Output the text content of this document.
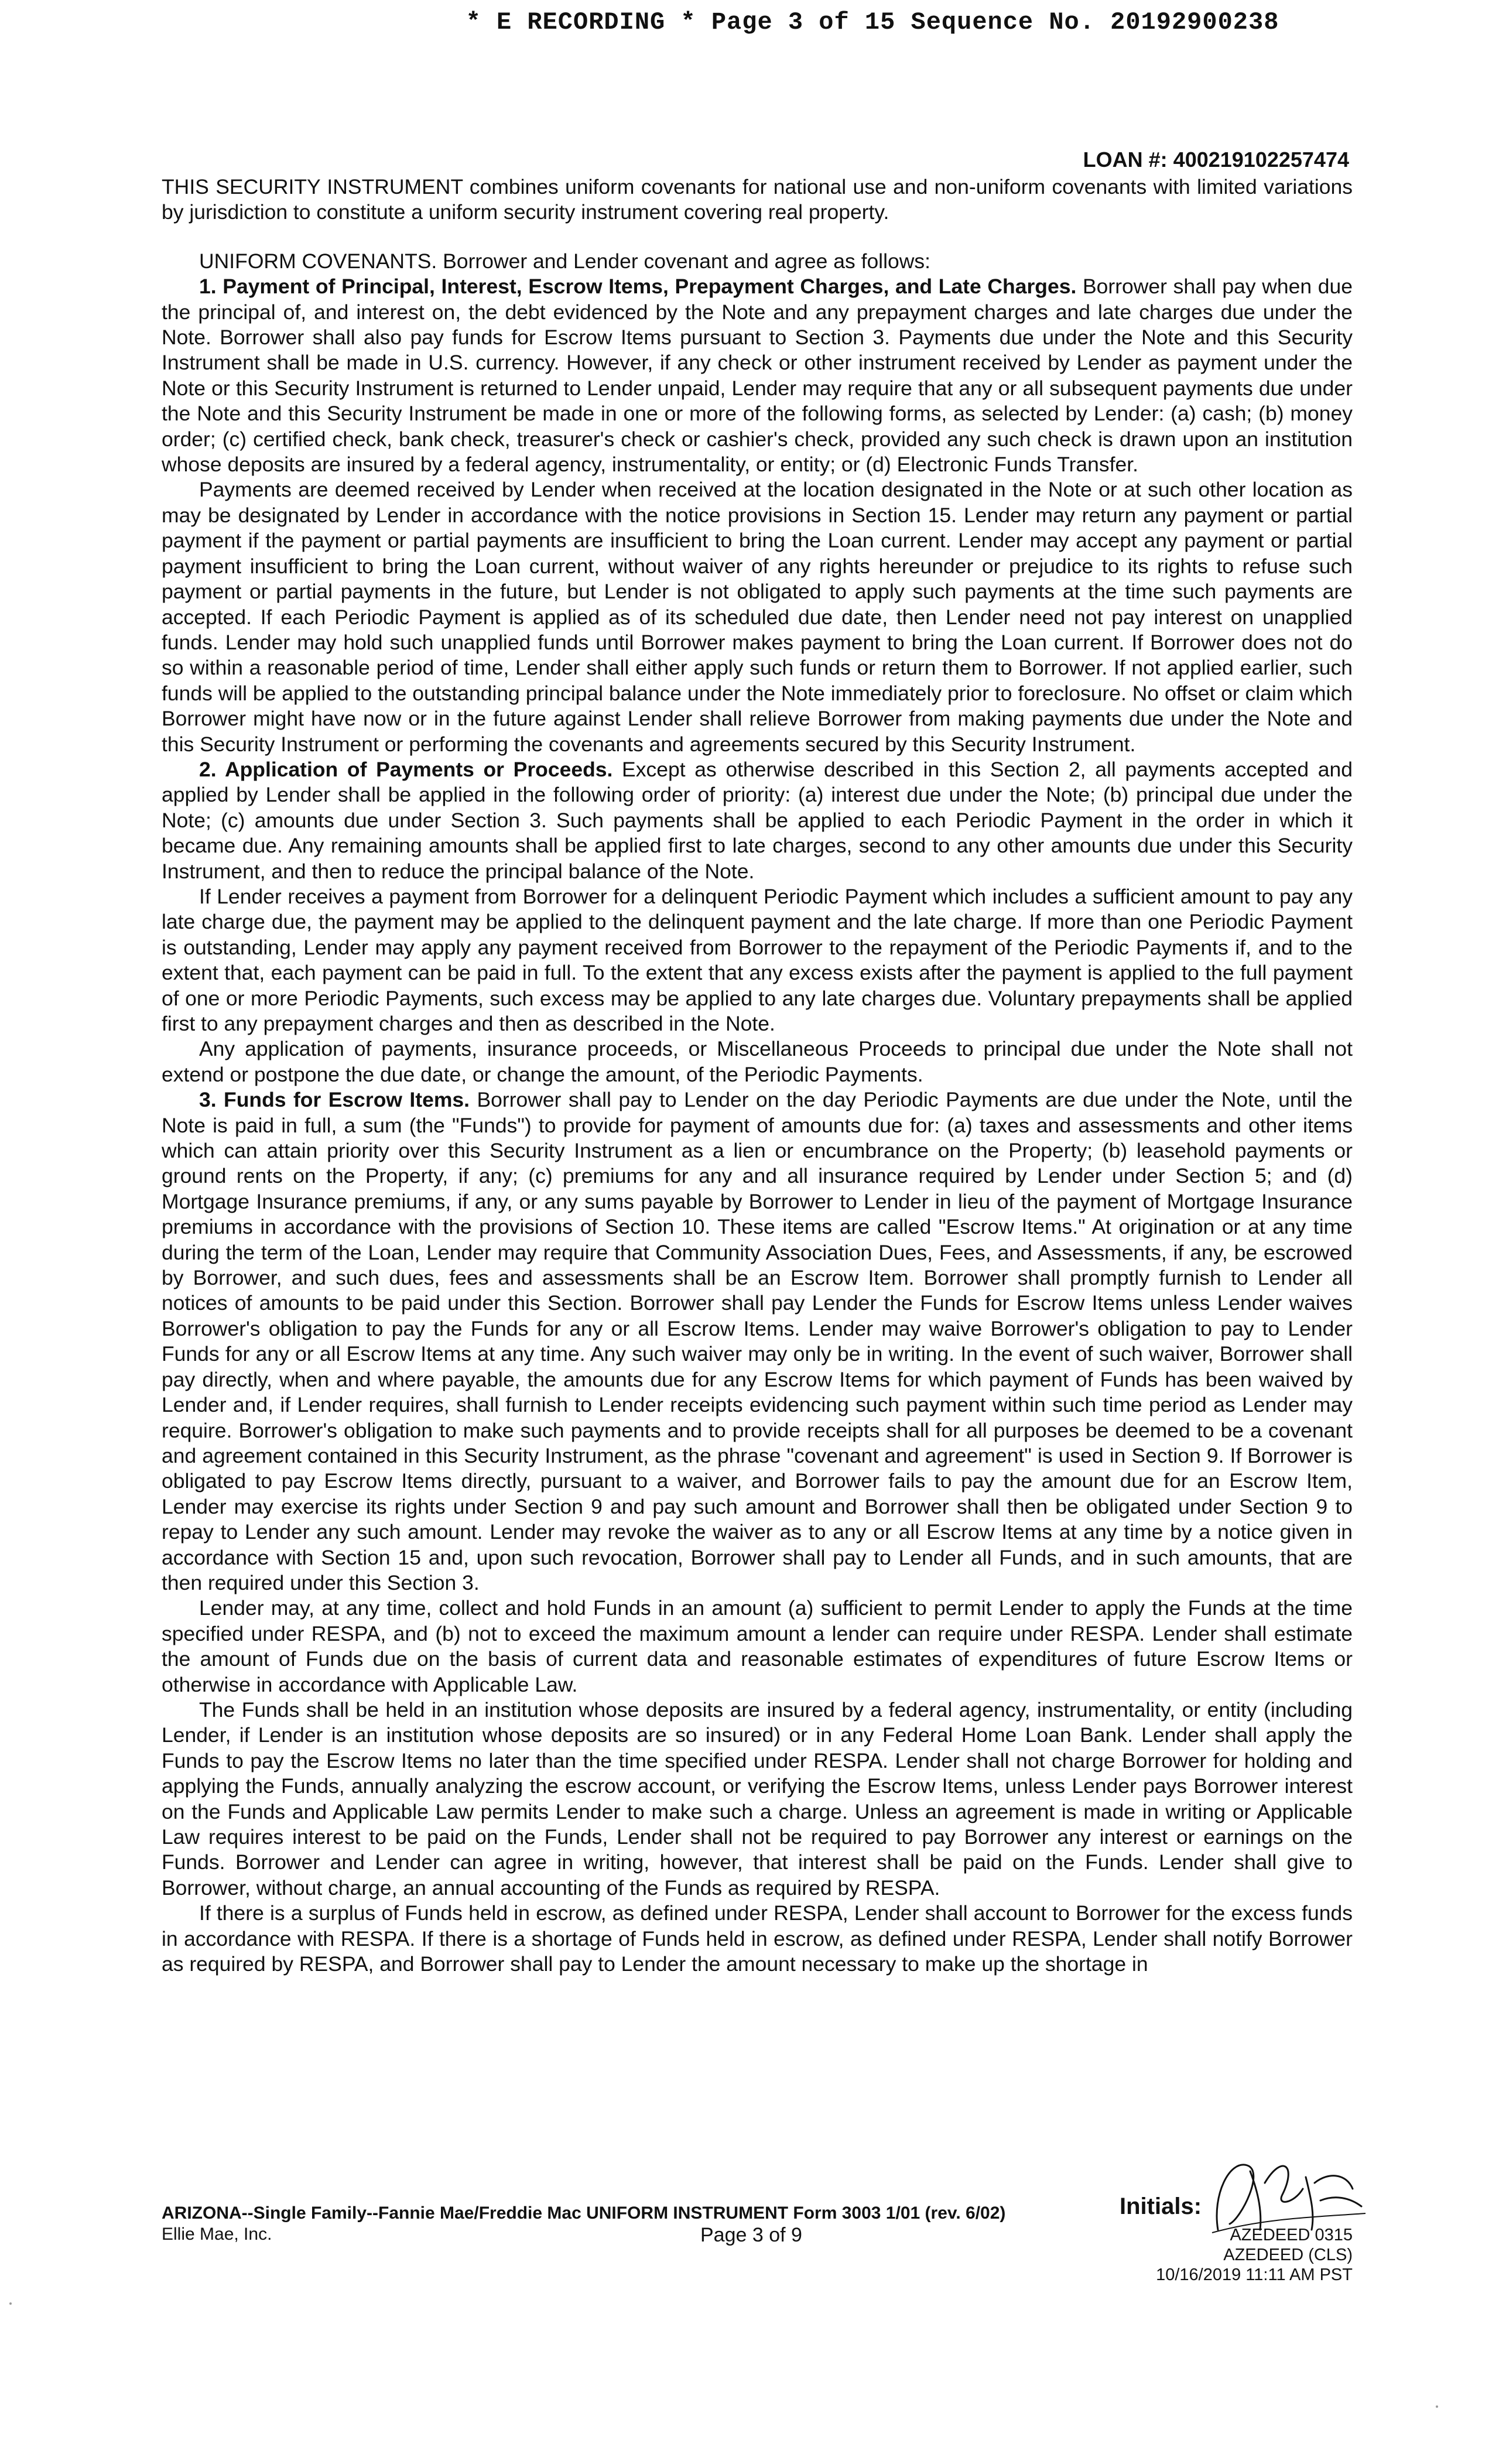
* E RECORDING * Page 3 of 15 Sequence No. 20192900238
LOAN #: 400219102257474

THIS SECURITY INSTRUMENT combines uniform covenants for national use and non-uniform covenants with limited variations by jurisdiction to constitute a uniform security instrument covering real property.

UNIFORM COVENANTS. Borrower and Lender covenant and agree as follows:

1. Payment of Principal, Interest, Escrow Items, Prepayment Charges, and Late Charges. Borrower shall pay when due the principal of, and interest on, the debt evidenced by the Note and any prepayment charges and late charges due under the Note. Borrower shall also pay funds for Escrow Items pursuant to Section 3. Payments due under the Note and this Security Instrument shall be made in U.S. currency. However, if any check or other instrument received by Lender as payment under the Note or this Security Instrument is returned to Lender unpaid, Lender may require that any or all subsequent payments due under the Note and this Security Instrument be made in one or more of the following forms, as selected by Lender: (a) cash; (b) money order; (c) certified check, bank check, treasurer's check or cashier's check, provided any such check is drawn upon an institution whose deposits are insured by a federal agency, instrumentality, or entity; or (d) Electronic Funds Transfer.

Payments are deemed received by Lender when received at the location designated in the Note or at such other location as may be designated by Lender in accordance with the notice provisions in Section 15. Lender may return any payment or partial payment if the payment or partial payments are insufficient to bring the Loan current. Lender may accept any payment or partial payment insufficient to bring the Loan current, without waiver of any rights hereunder or prejudice to its rights to refuse such payment or partial payments in the future, but Lender is not obligated to apply such payments at the time such payments are accepted. If each Periodic Payment is applied as of its scheduled due date, then Lender need not pay interest on unapplied funds. Lender may hold such unapplied funds until Borrower makes payment to bring the Loan current. If Borrower does not do so within a reasonable period of time, Lender shall either apply such funds or return them to Borrower. If not applied earlier, such funds will be applied to the outstanding principal balance under the Note immediately prior to foreclosure. No offset or claim which Borrower might have now or in the future against Lender shall relieve Borrower from making payments due under the Note and this Security Instrument or performing the covenants and agreements secured by this Security Instrument.

2. Application of Payments or Proceeds. Except as otherwise described in this Section 2, all payments accepted and applied by Lender shall be applied in the following order of priority: (a) interest due under the Note; (b) principal due under the Note; (c) amounts due under Section 3. Such payments shall be applied to each Periodic Payment in the order in which it became due. Any remaining amounts shall be applied first to late charges, second to any other amounts due under this Security Instrument, and then to reduce the principal balance of the Note.

If Lender receives a payment from Borrower for a delinquent Periodic Payment which includes a sufficient amount to pay any late charge due, the payment may be applied to the delinquent payment and the late charge. If more than one Periodic Payment is outstanding, Lender may apply any payment received from Borrower to the repayment of the Periodic Payments if, and to the extent that, each payment can be paid in full. To the extent that any excess exists after the payment is applied to the full payment of one or more Periodic Payments, such excess may be applied to any late charges due. Voluntary prepayments shall be applied first to any prepayment charges and then as described in the Note.

Any application of payments, insurance proceeds, or Miscellaneous Proceeds to principal due under the Note shall not extend or postpone the due date, or change the amount, of the Periodic Payments.

3. Funds for Escrow Items. Borrower shall pay to Lender on the day Periodic Payments are due under the Note, until the Note is paid in full, a sum (the "Funds") to provide for payment of amounts due for: (a) taxes and assessments and other items which can attain priority over this Security Instrument as a lien or encumbrance on the Property; (b) leasehold payments or ground rents on the Property, if any; (c) premiums for any and all insurance required by Lender under Section 5; and (d) Mortgage Insurance premiums, if any, or any sums payable by Borrower to Lender in lieu of the payment of Mortgage Insurance premiums in accordance with the provisions of Section 10. These items are called "Escrow Items." At origination or at any time during the term of the Loan, Lender may require that Community Association Dues, Fees, and Assessments, if any, be escrowed by Borrower, and such dues, fees and assessments shall be an Escrow Item. Borrower shall promptly furnish to Lender all notices of amounts to be paid under this Section. Borrower shall pay Lender the Funds for Escrow Items unless Lender waives Borrower's obligation to pay the Funds for any or all Escrow Items. Lender may waive Borrower's obligation to pay to Lender Funds for any or all Escrow Items at any time. Any such waiver may only be in writing. In the event of such waiver, Borrower shall pay directly, when and where payable, the amounts due for any Escrow Items for which payment of Funds has been waived by Lender and, if Lender requires, shall furnish to Lender receipts evidencing such payment within such time period as Lender may require. Borrower's obligation to make such payments and to provide receipts shall for all purposes be deemed to be a covenant and agreement contained in this Security Instrument, as the phrase "covenant and agreement" is used in Section 9. If Borrower is obligated to pay Escrow Items directly, pursuant to a waiver, and Borrower fails to pay the amount due for an Escrow Item, Lender may exercise its rights under Section 9 and pay such amount and Borrower shall then be obligated under Section 9 to repay to Lender any such amount. Lender may revoke the waiver as to any or all Escrow Items at any time by a notice given in accordance with Section 15 and, upon such revocation, Borrower shall pay to Lender all Funds, and in such amounts, that are then required under this Section 3.

Lender may, at any time, collect and hold Funds in an amount (a) sufficient to permit Lender to apply the Funds at the time specified under RESPA, and (b) not to exceed the maximum amount a lender can require under RESPA. Lender shall estimate the amount of Funds due on the basis of current data and reasonable estimates of expenditures of future Escrow Items or otherwise in accordance with Applicable Law.

The Funds shall be held in an institution whose deposits are insured by a federal agency, instrumentality, or entity (including Lender, if Lender is an institution whose deposits are so insured) or in any Federal Home Loan Bank. Lender shall apply the Funds to pay the Escrow Items no later than the time specified under RESPA. Lender shall not charge Borrower for holding and applying the Funds, annually analyzing the escrow account, or verifying the Escrow Items, unless Lender pays Borrower interest on the Funds and Applicable Law permits Lender to make such a charge. Unless an agreement is made in writing or Applicable Law requires interest to be paid on the Funds, Lender shall not be required to pay Borrower any interest or earnings on the Funds. Borrower and Lender can agree in writing, however, that interest shall be paid on the Funds. Lender shall give to Borrower, without charge, an annual accounting of the Funds as required by RESPA.

If there is a surplus of Funds held in escrow, as defined under RESPA, Lender shall account to Borrower for the excess funds in accordance with RESPA. If there is a shortage of Funds held in escrow, as defined under RESPA, Lender shall notify Borrower as required by RESPA, and Borrower shall pay to Lender the amount necessary to make up the shortage in

ARIZONA--Single Family--Fannie Mae/Freddie Mac UNIFORM INSTRUMENT Form 3003 1/01 (rev. 6/02)
Ellie Mae, Inc.	Page 3 of 9
Initials:
AZEDEED 0315
AZEDEED (CLS)
10/16/2019 11:11 AM PST
